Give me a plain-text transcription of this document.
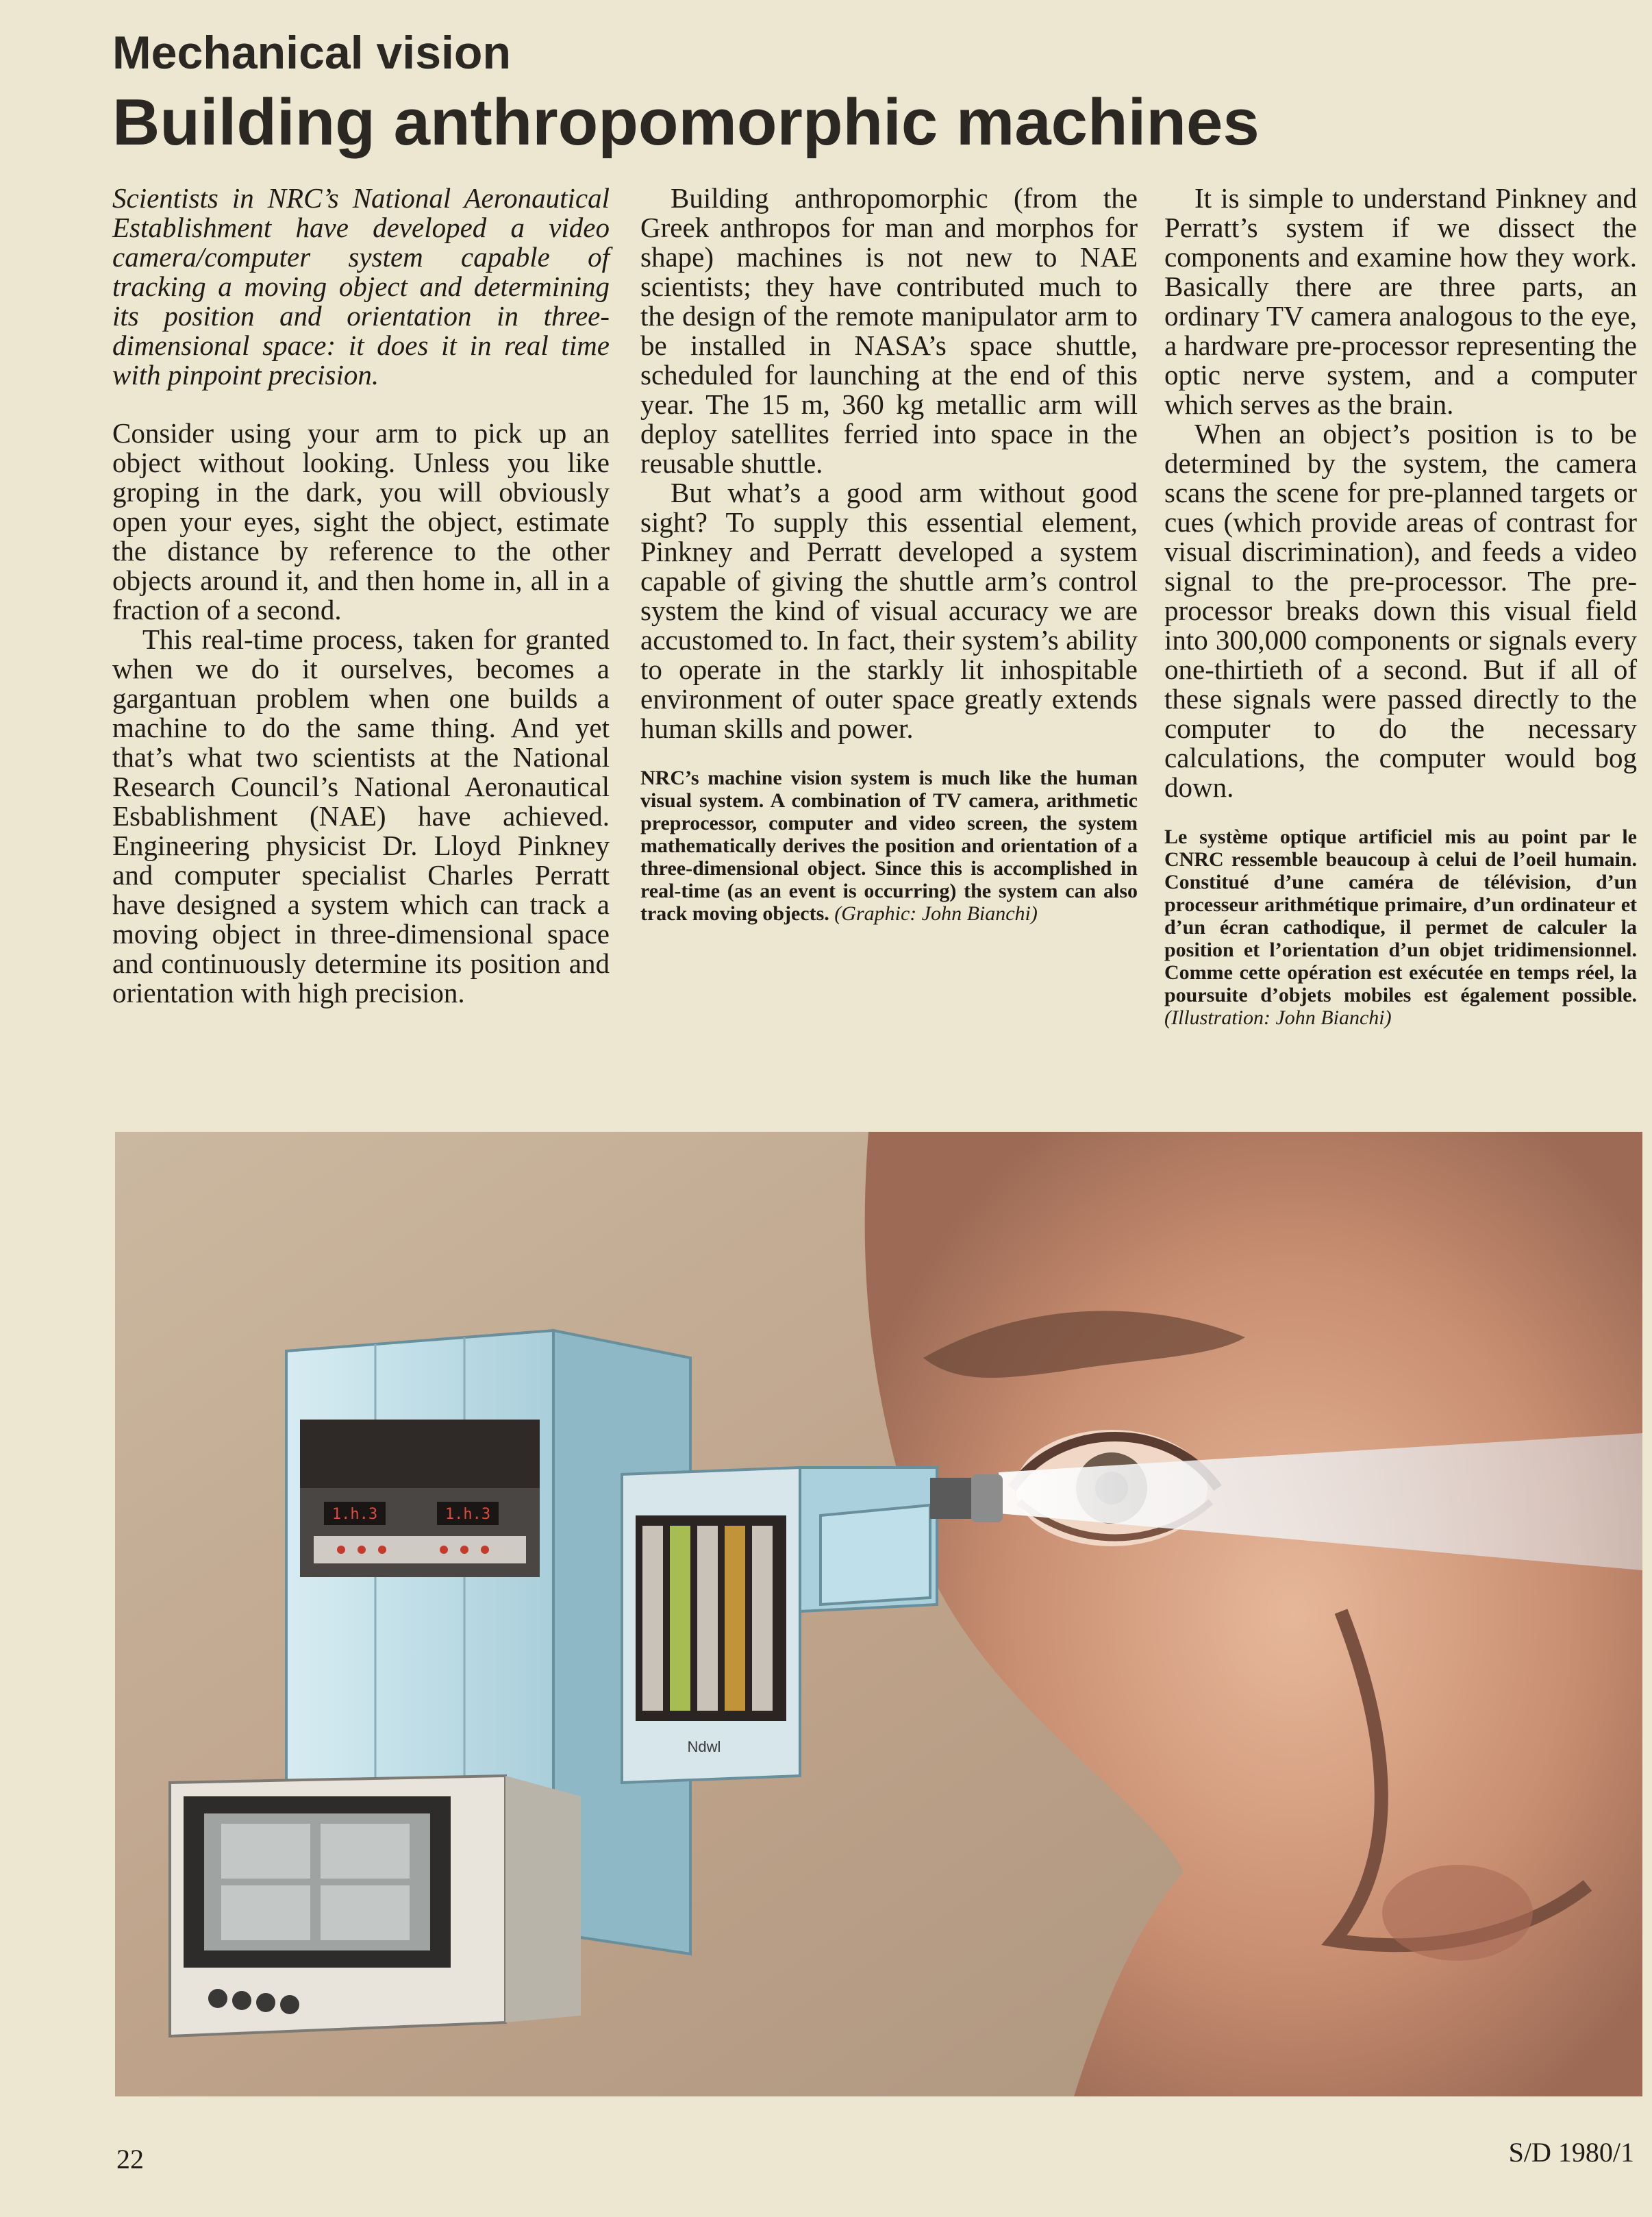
Mechanical vision
Building anthropomorphic machines

Scientists in NRC’s National Aeronautical Establishment have developed a video camera/computer system capable of tracking a moving object and determining its position and orientation in three-dimensional space: it does it in real time with pinpoint precision.

Consider using your arm to pick up an object without looking. Unless you like groping in the dark, you will obviously open your eyes, sight the object, estimate the distance by reference to the other objects around it, and then home in, all in a fraction of a second.

This real-time process, taken for granted when we do it ourselves, becomes a gargantuan problem when one builds a machine to do the same thing. And yet that’s what two scientists at the National Research Council’s National Aeronautical Esbablishment (NAE) have achieved. Engineering physicist Dr. Lloyd Pinkney and computer specialist Charles Perratt have designed a system which can track a moving object in three-dimensional space and continuously determine its position and orientation with high precision.

Building anthropomorphic (from the Greek anthropos for man and morphos for shape) machines is not new to NAE scientists; they have contributed much to the design of the remote manipulator arm to be installed in NASA’s space shuttle, scheduled for launching at the end of this year. The 15 m, 360 kg metallic arm will deploy satellites ferried into space in the reusable shuttle.

But what’s a good arm without good sight? To supply this essential element, Pinkney and Perratt developed a system capable of giving the shuttle arm’s control system the kind of visual accuracy we are accustomed to. In fact, their system’s ability to operate in the starkly lit inhospitable environment of outer space greatly extends human skills and power.

NRC’s machine vision system is much like the human visual system. A combination of TV camera, arithmetic preprocessor, computer and video screen, the system mathematically derives the position and orientation of a three-dimensional object. Since this is accomplished in real-time (as an event is occurring) the system can also track moving objects. (Graphic: John Bianchi)

It is simple to understand Pinkney and Perratt’s system if we dissect the components and examine how they work. Basically there are three parts, an ordinary TV camera analogous to the eye, a hardware pre-processor representing the optic nerve system, and a computer which serves as the brain.

When an object’s position is to be determined by the system, the camera scans the scene for pre-planned targets or cues (which provide areas of contrast for visual discrimination), and feeds a video signal to the pre-processor. The pre-processor breaks down this visual field into 300,000 components or signals every one-thirtieth of a second. But if all of these signals were passed directly to the computer to do the necessary calculations, the computer would bog down.

Le système optique artificiel mis au point par le CNRC ressemble beaucoup à celui de l’oeil humain. Constitué d’une caméra de télévision, d’un processeur arithmétique primaire, d’un ordinateur et d’un écran cathodique, il permet de calculer la position et l’orientation d’un objet tridimensionnel. Comme cette opération est exécutée en temps réel, la poursuite d’objets mobiles est également possible. (Illustration: John Bianchi)

1.h.3	1.h.3
Ndwl
22	S/D 1980/1
